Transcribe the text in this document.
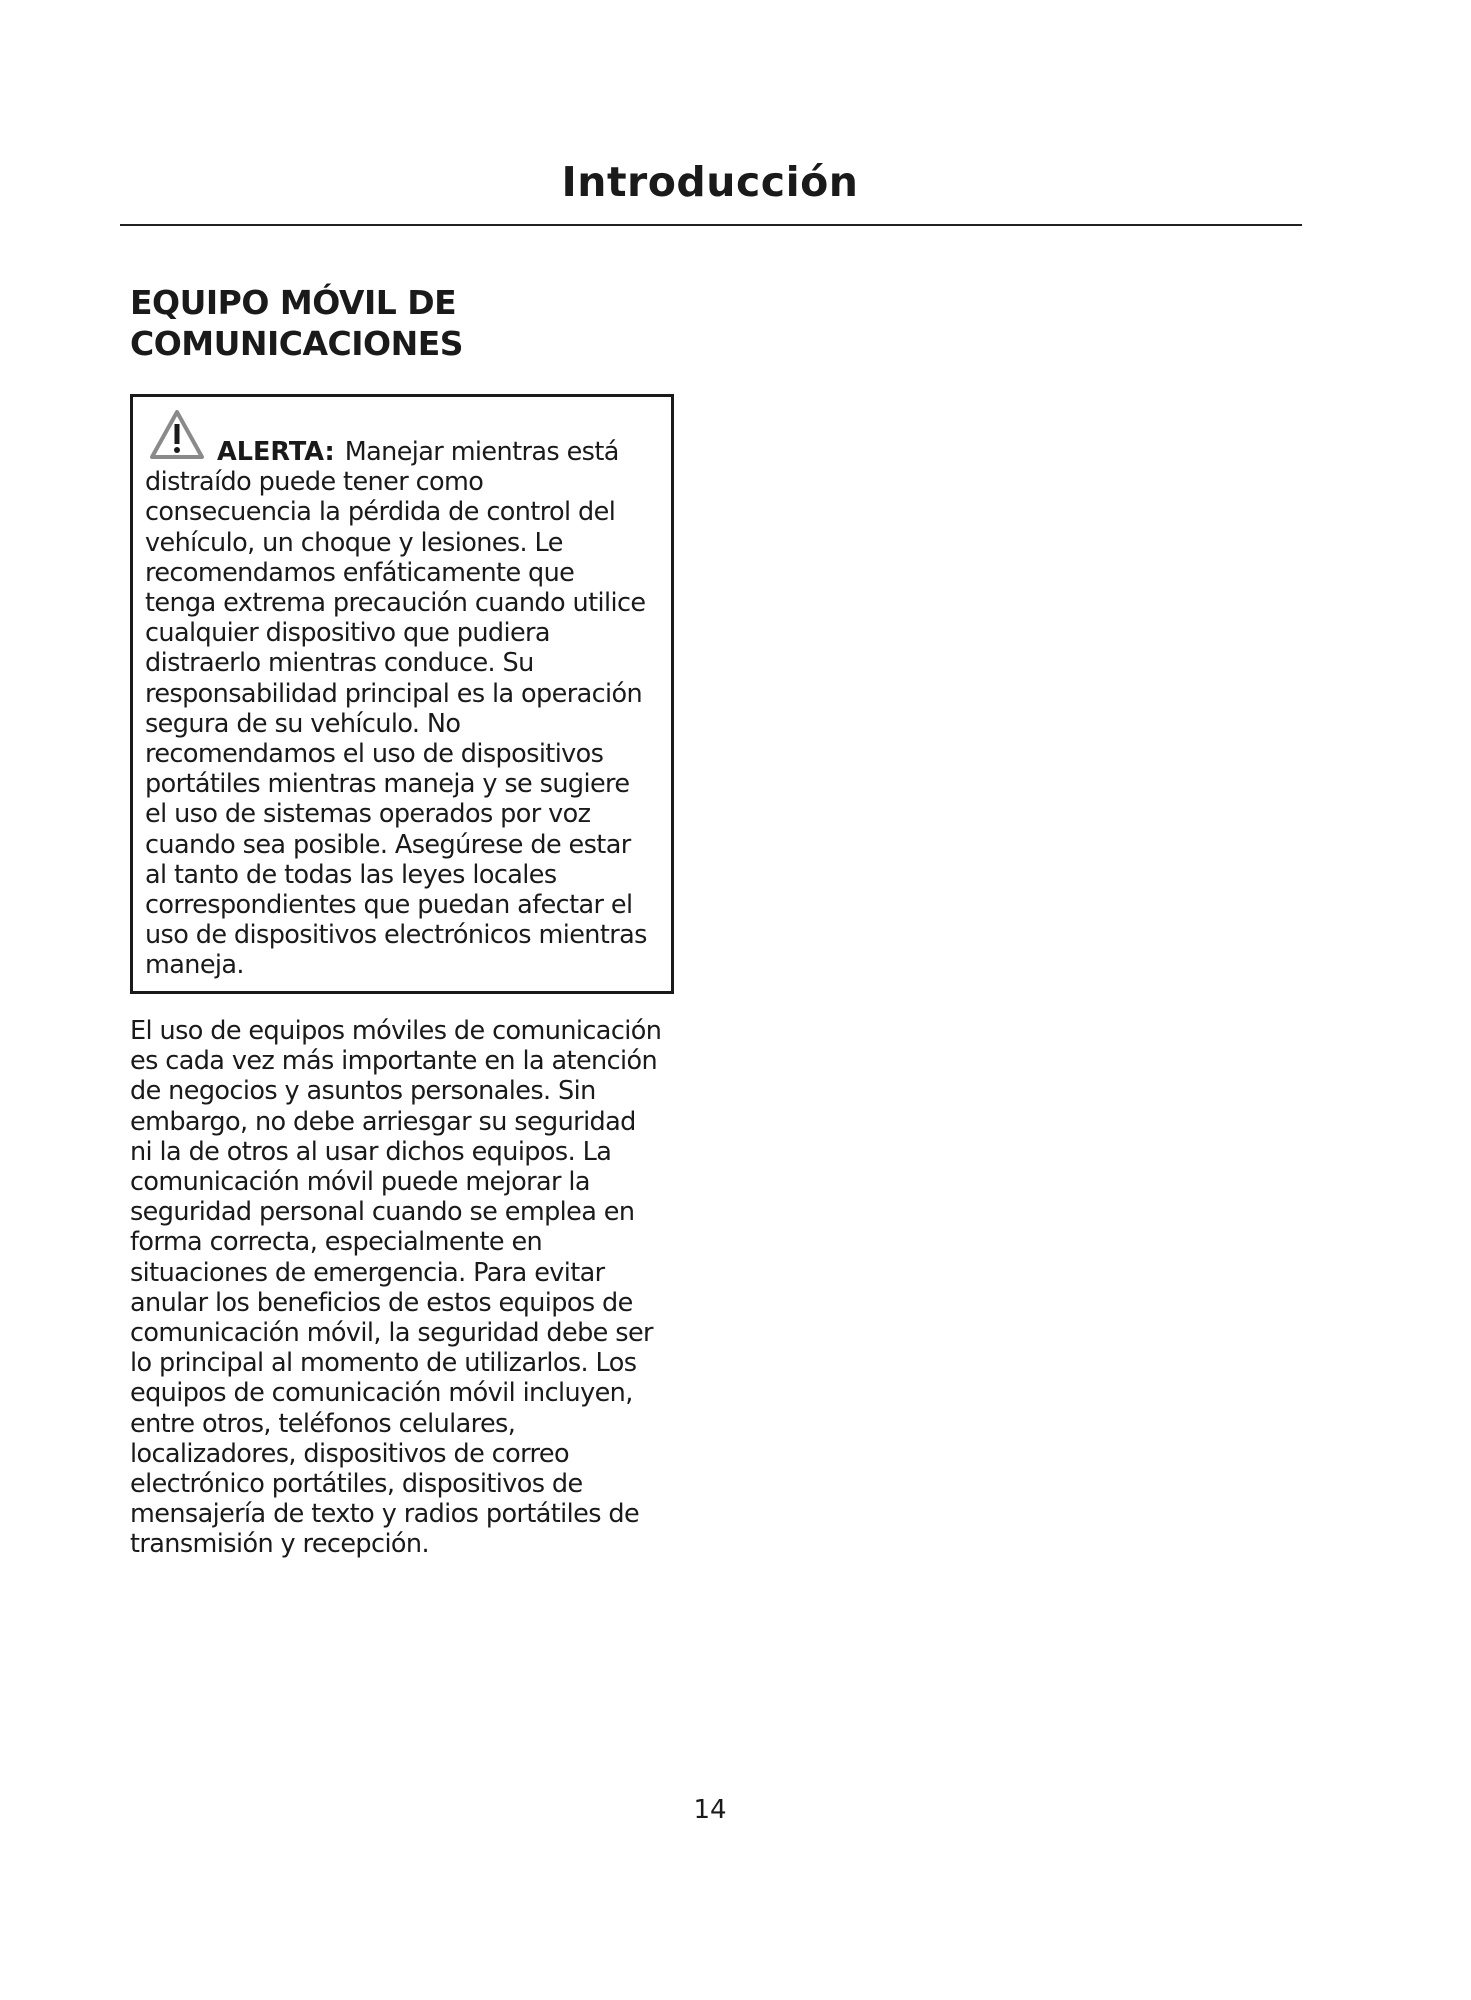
Introducción
EQUIPO MÓVIL DE
COMUNICACIONES
ALERTA: Manejar mientras está
distraído puede tener como
consecuencia la pérdida de control del
vehículo, un choque y lesiones. Le
recomendamos enfáticamente que
tenga extrema precaución cuando utilice
cualquier dispositivo que pudiera
distraerlo mientras conduce. Su
responsabilidad principal es la operación
segura de su vehículo. No
recomendamos el uso de dispositivos
portátiles mientras maneja y se sugiere
el uso de sistemas operados por voz
cuando sea posible. Asegúrese de estar
al tanto de todas las leyes locales
correspondientes que puedan afectar el
uso de dispositivos electrónicos mientras
maneja.
El uso de equipos móviles de comunicación
es cada vez más importante en la atención
de negocios y asuntos personales. Sin
embargo, no debe arriesgar su seguridad
ni la de otros al usar dichos equipos. La
comunicación móvil puede mejorar la
seguridad personal cuando se emplea en
forma correcta, especialmente en
situaciones de emergencia. Para evitar
anular los beneficios de estos equipos de
comunicación móvil, la seguridad debe ser
lo principal al momento de utilizarlos. Los
equipos de comunicación móvil incluyen,
entre otros, teléfonos celulares,
localizadores, dispositivos de correo
electrónico portátiles, dispositivos de
mensajería de texto y radios portátiles de
transmisión y recepción.
14
